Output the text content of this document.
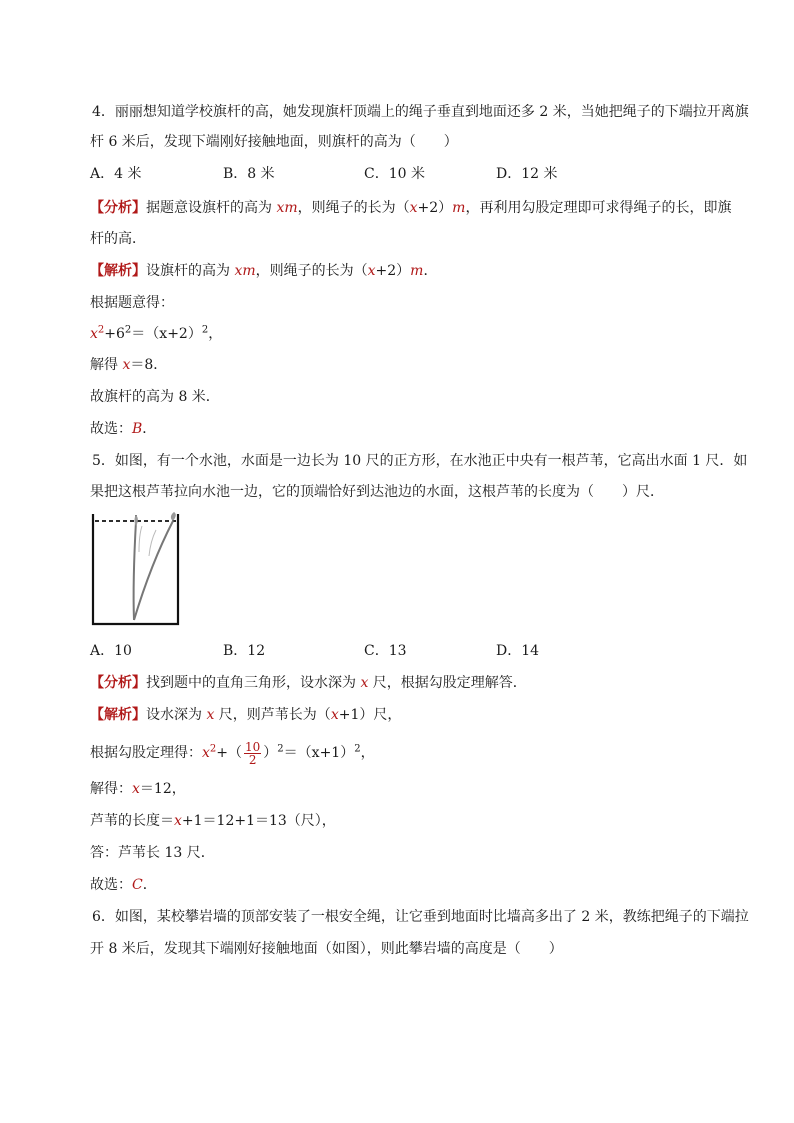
4．丽丽想知道学校旗杆的高，她发现旗杆顶端上的绳子垂直到地面还多 2 米，当她把绳子的下端拉开离旗
杆 6 米后，发现下端刚好接触地面，则旗杆的高为（　　）
A．4 米	B．8 米	C．10 米	D．12 米
【分析】据题意设旗杆的高为 xm，则绳子的长为（x+2）m，再利用勾股定理即可求得绳子的长，即旗
杆的高．
【解析】设旗杆的高为 xm，则绳子的长为（x+2）m．
根据题意得：
$x^2+6^2=(x+2)^2$，
解得 x＝8．
故旗杆的高为 8 米．
故选：B．
5．如图，有一个水池，水面是一边长为 10 尺的正方形，在水池正中央有一根芦苇，它高出水面 1 尺．如
果把这根芦苇拉向水池一边，它的顶端恰好到达池边的水面，这根芦苇的长度为（　　）尺．
A．10	B．12	C．13	D．14
【分析】找到题中的直角三角形，设水深为 x 尺，根据勾股定理解答．
【解析】设水深为 x 尺，则芦苇长为（x+1）尺，
根据勾股定理得：$x^2+( \frac{10}{2} )^2=(x+1)^2$，
解得：x＝12，
芦苇的长度＝x+1＝12+1＝13（尺），
答：芦苇长 13 尺．
故选：C．
6．如图，某校攀岩墙的顶部安装了一根安全绳，让它垂到地面时比墙高多出了 2 米，教练把绳子的下端拉
开 8 米后，发现其下端刚好接触地面（如图），则此攀岩墙的高度是（　　）
